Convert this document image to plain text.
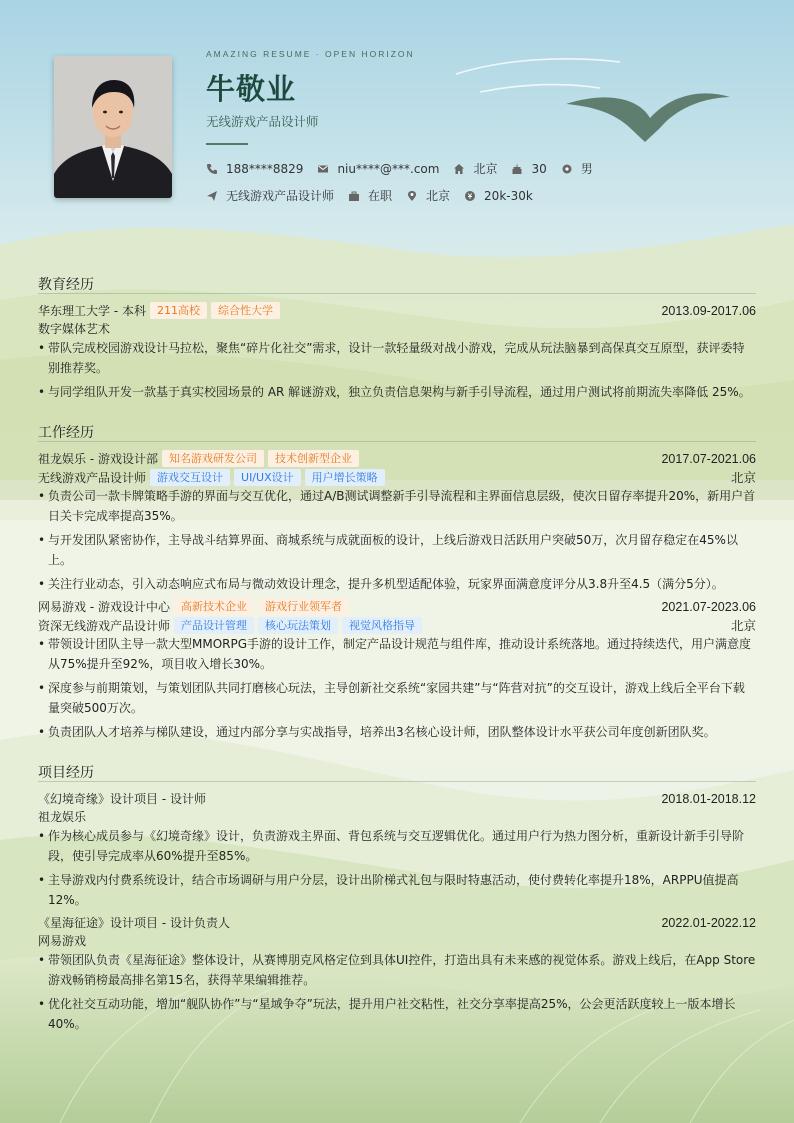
AMAZING RESUME · OPEN HORIZON
牛敬业
无线游戏产品设计师
188****8829	niu****@***.com	北京	30	男
无线游戏产品设计师	在职	北京	20k-30k
教育经历
华东理工大学 - 本科	211高校	综合性大学	2013.09-2017.06
数字媒体艺术
• 带队完成校园游戏设计马拉松，聚焦“碎片化社交”需求，设计一款轻量级对战小游戏，完成从玩法脑暴到高保真交互原型，获评委特别推荐奖。
• 与同学组队开发一款基于真实校园场景的 AR 解谜游戏，独立负责信息架构与新手引导流程，通过用户测试将前期流失率降低 25%。
工作经历
祖龙娱乐 - 游戏设计部	知名游戏研发公司	技术创新型企业	2017.07-2021.06
无线游戏产品设计师	游戏交互设计	UI/UX设计	用户增长策略	北京
• 负责公司一款卡牌策略手游的界面与交互优化，通过A/B测试调整新手引导流程和主界面信息层级，使次日留存率提升20%，新用户首日关卡完成率提高35%。
• 与开发团队紧密协作，主导战斗结算界面、商城系统与成就面板的设计，上线后游戏日活跃用户突破50万，次月留存稳定在45%以上。
• 关注行业动态，引入动态响应式布局与微动效设计理念，提升多机型适配体验，玩家界面满意度评分从3.8升至4.5（满分5分）。
网易游戏 - 游戏设计中心	高新技术企业	游戏行业领军者	2021.07-2023.06
资深无线游戏产品设计师	产品设计管理	核心玩法策划	视觉风格指导	北京
• 带领设计团队主导一款大型MMORPG手游的设计工作，制定产品设计规范与组件库，推动设计系统落地。通过持续迭代，用户满意度从75%提升至92%，项目收入增长30%。
• 深度参与前期策划，与策划团队共同打磨核心玩法，主导创新社交系统“家园共建”与“阵营对抗”的交互设计，游戏上线后全平台下载量突破500万次。
• 负责团队人才培养与梯队建设，通过内部分享与实战指导，培养出3名核心设计师，团队整体设计水平获公司年度创新团队奖。
项目经历
《幻境奇缘》设计项目 - 设计师	2018.01-2018.12
祖龙娱乐
• 作为核心成员参与《幻境奇缘》设计，负责游戏主界面、背包系统与交互逻辑优化。通过用户行为热力图分析，重新设计新手引导阶段，使引导完成率从60%提升至85%。
• 主导游戏内付费系统设计，结合市场调研与用户分层，设计出阶梯式礼包与限时特惠活动，使付费转化率提升18%，ARPPU值提高12%。
《星海征途》设计项目 - 设计负责人	2022.01-2022.12
网易游戏
• 带领团队负责《星海征途》整体设计，从赛博朋克风格定位到具体UI控件，打造出具有未来感的视觉体系。游戏上线后，在App Store游戏畅销榜最高排名第15名，获得苹果编辑推荐。
• 优化社交互动功能，增加“舰队协作”与“星域争夺”玩法，提升用户社交粘性，社交分享率提高25%，公会更活跃度较上一版本增长40%。
